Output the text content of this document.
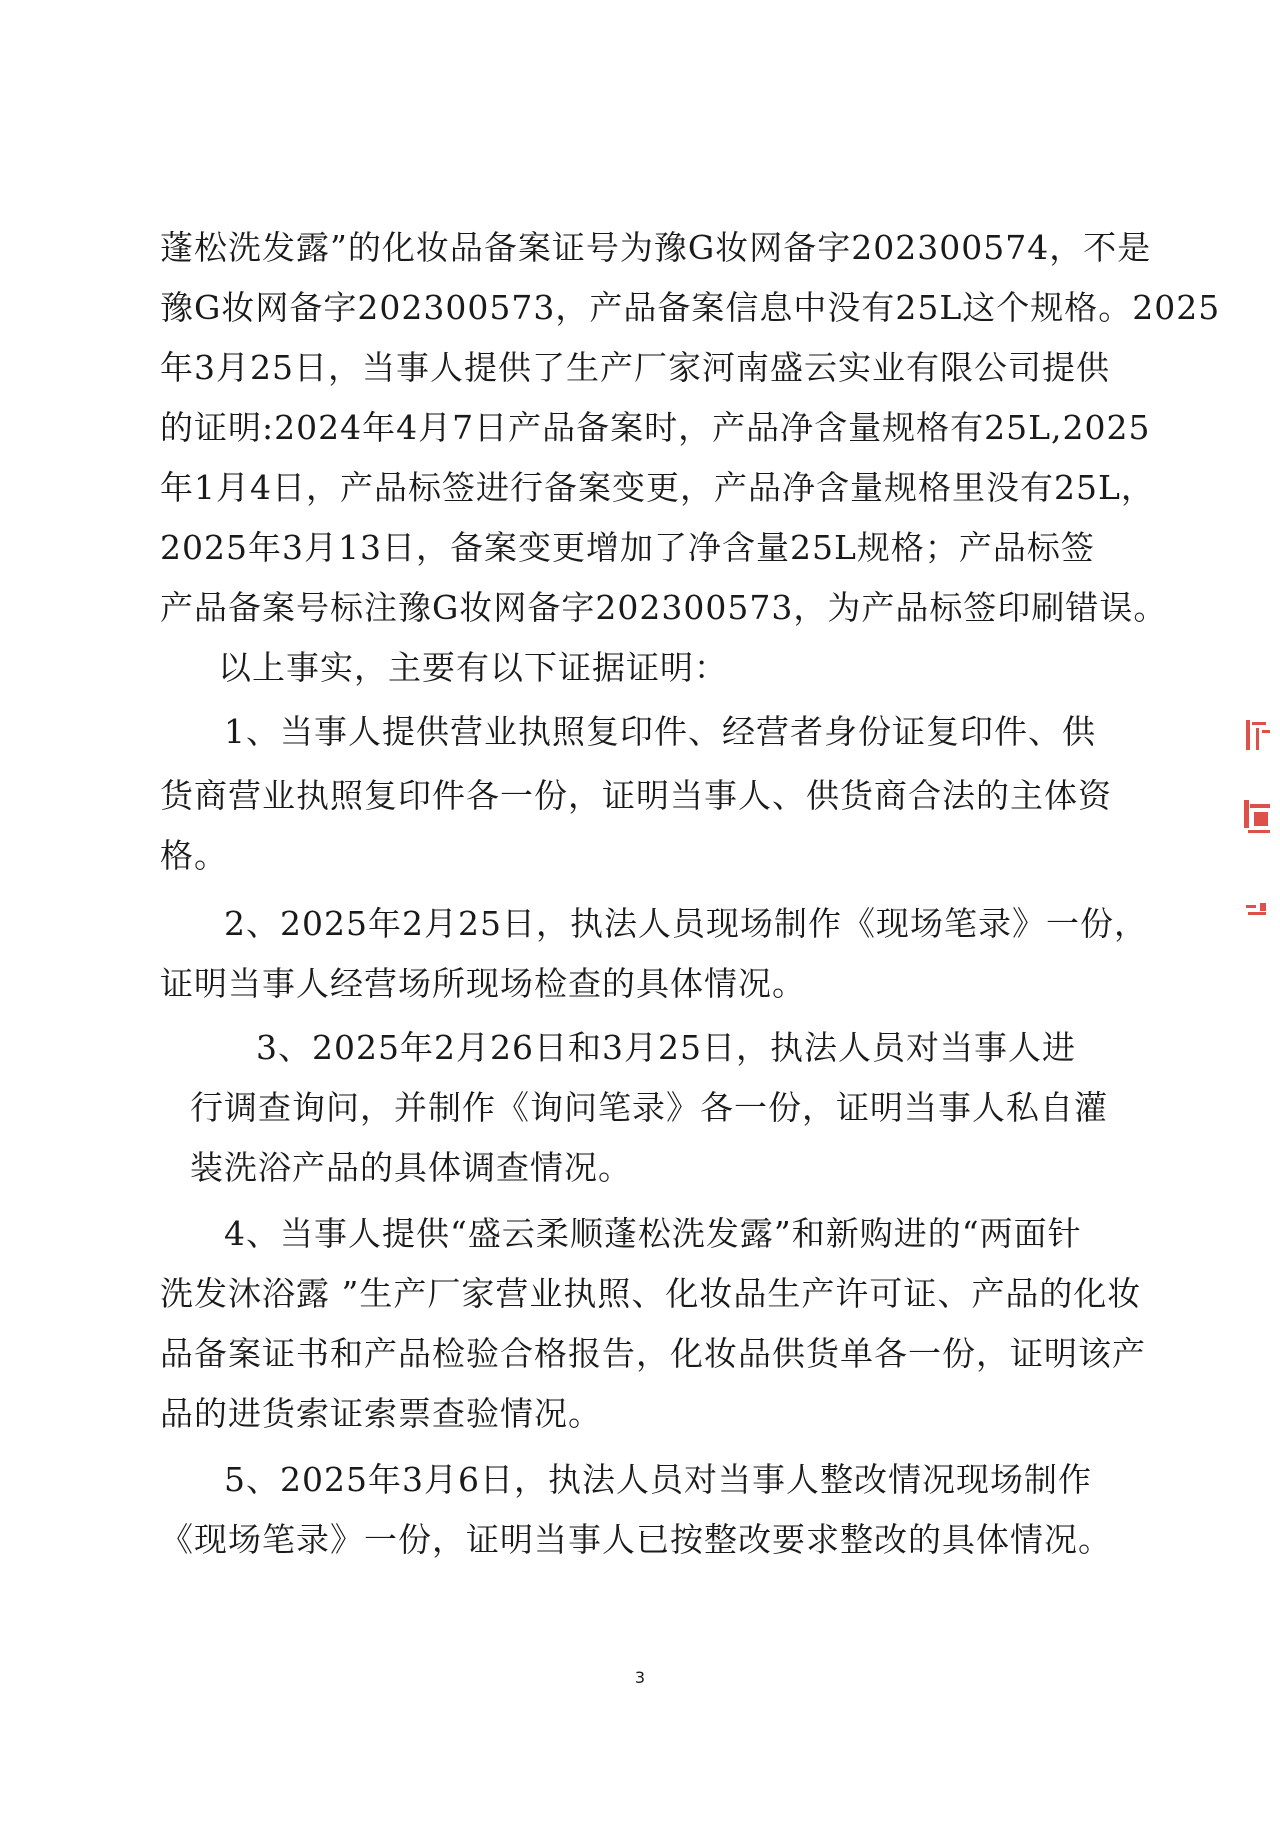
蓬松洗发露”的化妆品备案证号为豫G妆网备字202300574，不是
豫G妆网备字202300573，产品备案信息中没有25L这个规格。2025
年3月25日，当事人提供了生产厂家河南盛云实业有限公司提供
的证明:2024年4月7日产品备案时，产品净含量规格有25L,2025
年1月4日，产品标签进行备案变更，产品净含量规格里没有25L，
2025年3月13日，备案变更增加了净含量25L规格；产品标签
产品备案号标注豫G妆网备字202300573，为产品标签印刷错误。
以上事实，主要有以下证据证明：
1、当事人提供营业执照复印件、经营者身份证复印件、供
货商营业执照复印件各一份，证明当事人、供货商合法的主体资
格。
2、2025年2月25日，执法人员现场制作《现场笔录》一份，
证明当事人经营场所现场检查的具体情况。
3、2025年2月26日和3月25日，执法人员对当事人进
行调查询问，并制作《询问笔录》各一份，证明当事人私自灌
装洗浴产品的具体调查情况。
4、当事人提供“盛云柔顺蓬松洗发露”和新购进的“两面针
洗发沐浴露 ”生产厂家营业执照、化妆品生产许可证、产品的化妆
品备案证书和产品检验合格报告，化妆品供货单各一份，证明该产
品的进货索证索票查验情况。
5、2025年3月6日，执法人员对当事人整改情况现场制作
《现场笔录》一份，证明当事人已按整改要求整改的具体情况。
3
